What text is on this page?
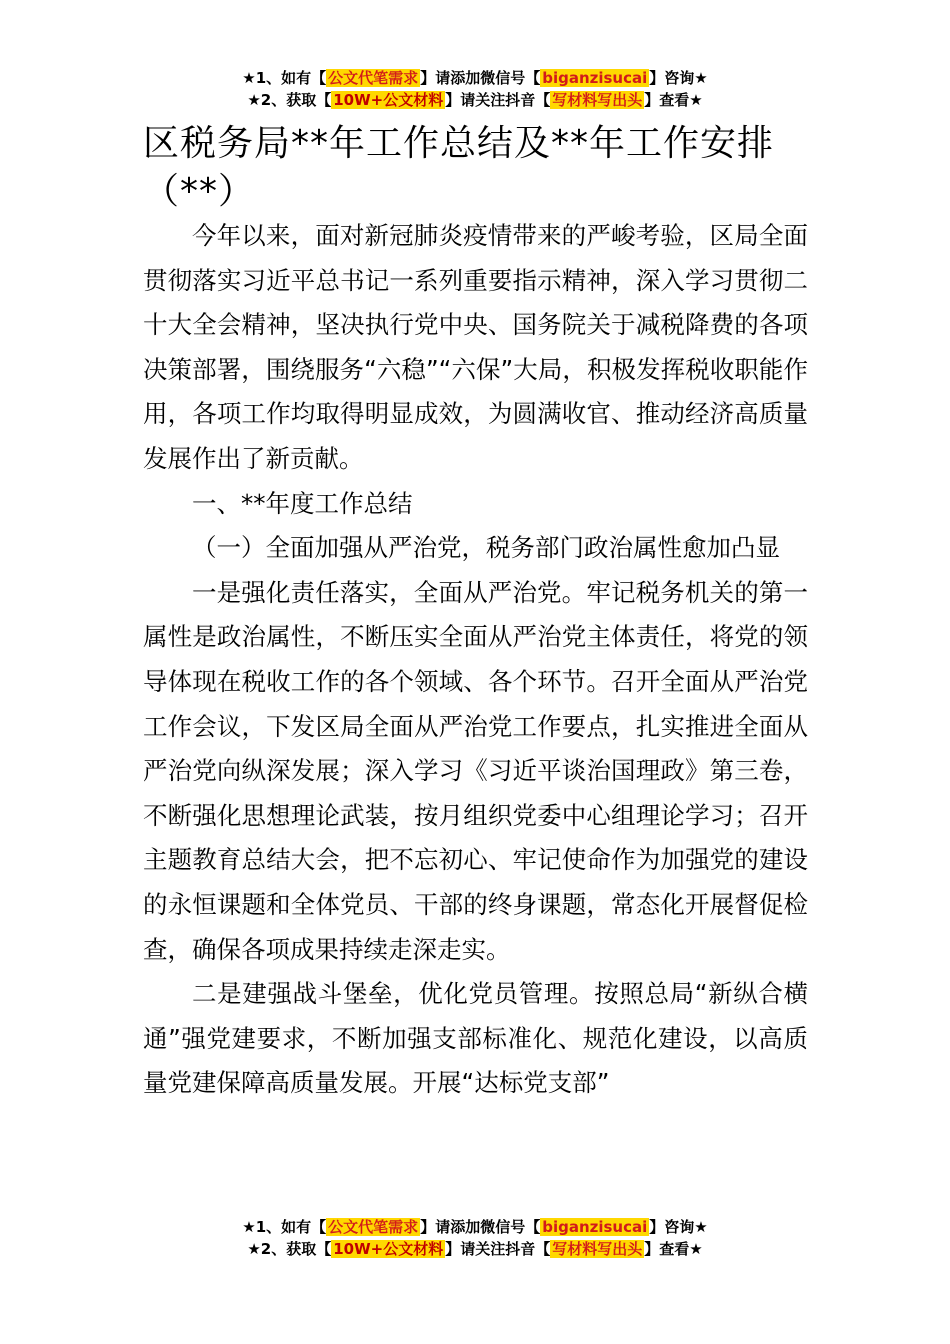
★1、如有【 公文代笔需求 】请添加微信号【 biganzisucai 】咨询★
★2、获取【 10W+公文材料 】请关注抖音【 写材料写出头 】查看★
区税务局**年工作总结及**年工作安排（**）

今年以来，面对新冠肺炎疫情带来的严峻考验，区局全面贯彻落实习近平总书记一系列重要指示精神，深入学习贯彻二十大全会精神，坚决执行党中央、国务院关于减税降费的各项决策部署，围绕服务“六稳”“六保”大局，积极发挥税收职能作用，各项工作均取得明显成效，为圆满收官、推动经济高质量发展作出了新贡献。

一、**年度工作总结

（一）全面加强从严治党，税务部门政治属性愈加凸显

一是强化责任落实，全面从严治党。牢记税务机关的第一属性是政治属性，不断压实全面从严治党主体责任，将党的领导体现在税收工作的各个领域、各个环节。召开全面从严治党工作会议，下发区局全面从严治党工作要点，扎实推进全面从严治党向纵深发展；深入学习《习近平谈治国理政》第三卷，不断强化思想理论武装，按月组织党委中心组理论学习；召开主题教育总结大会，把不忘初心、牢记使命作为加强党的建设的永恒课题和全体党员、干部的终身课题，常态化开展督促检查，确保各项成果持续走深走实。

二是建强战斗堡垒，优化党员管理。按照总局“新纵合横通”强党建要求，不断加强支部标准化、规范化建设，以高质量党建保障高质量发展。开展“达标党支部”

★1、如有【 公文代笔需求 】请添加微信号【 biganzisucai 】咨询★
★2、获取【 10W+公文材料 】请关注抖音【 写材料写出头 】查看★
